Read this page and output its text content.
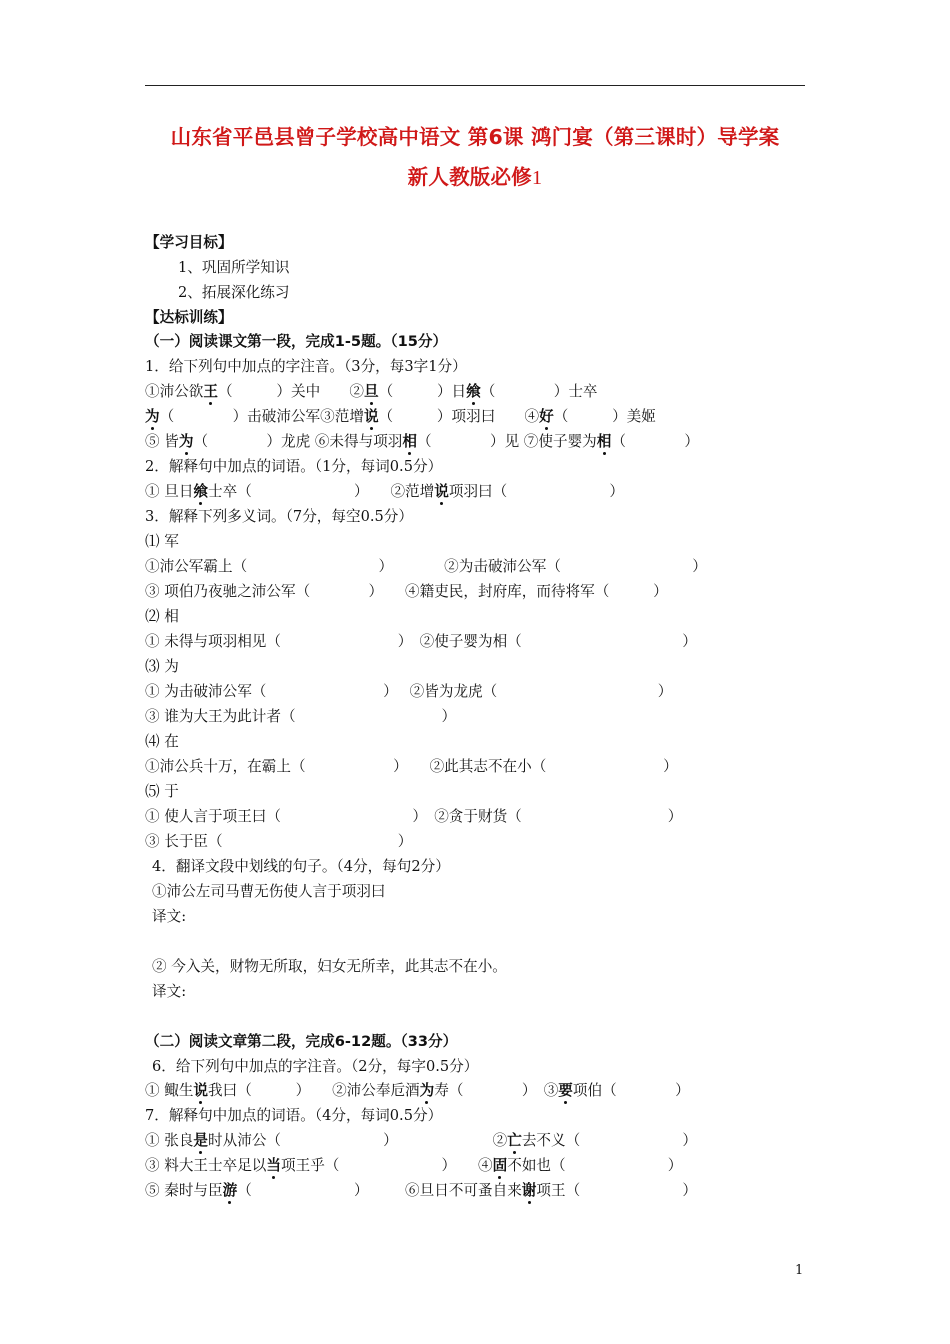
山东省平邑县曾子学校高中语文 第6课 鸿门宴（第三课时）导学案
新人教版必修1
【学习目标】
1、巩固所学知识
2、拓展深化练习
【达标训练】
（一）阅读课文第一段，完成1-5题。（15分）
1．给下列句中加点的字注音。（3分，每3字1分）
①沛公欲王（　　　）关中　　②旦（　　　）日飨（　　　　）士卒
为（　　　　）击破沛公军③范增说（　　　）项羽曰　　④好（　　　）美姬
⑤ 皆为（　　　　）龙虎 ⑥未得与项羽相（　　　　）见 ⑦使子婴为相（　　　　）
2．解释句中加点的词语。（1分，每词0.5分）
① 旦日飨士卒（　　　　　　　）　　②范增说项羽曰（　　　　　　　）
3．解释下列多义词。（7分，每空0.5分）
⑴ 军
①沛公军霸上（　　　　　　　　　）　　　　②为击破沛公军（　　　　　　　　　）
③ 项伯乃夜驰之沛公军（　　　　）　　④籍吏民，封府库，而待将军（　　　）
⑵ 相
① 未得与项羽相见（　　　　　　　　）　②使子婴为相（　　　　　　　　　　　）
⑶ 为
① 为击破沛公军（　　　　　　　　）　 ②皆为龙虎（　　　　　　　　　　　）
③ 谁为大王为此计者（　　　　　　　　　　）
⑷ 在
①沛公兵十万，在霸上（　　　　　　）　　②此其志不在小（　　　　　　　　）
⑸ 于
① 使人言于项王曰（　　　　　　　　　）　②贪于财货（　　　　　　　　　　）
③ 长于臣（　　　　　　　　　　　　）
4．翻译文段中划线的句子。（4分，每句2分）
①沛公左司马曹无伤使人言于项羽曰
译文:
② 今入关，财物无所取，妇女无所幸，此其志不在小。
译文:
（二）阅读文章第二段，完成6-12题。（33分）
6．给下列句中加点的字注音。（2分，每字0.5分）
① 鲰生说我曰（　　　）　　②沛公奉卮酒为寿（　　　　）　③要项伯（　　　　）
7．解释句中加点的词语。（4分，每词0.5分）
① 张良是时从沛公（　　　　　　　）　　　　　　　②亡去不义（　　　　　　　）
③ 料大王士卒足以当项王乎（　　　　　　　）　　④固不如也（　　　　　　　）
⑤ 秦时与臣游（　　　　　　　）　　　⑥旦日不可蚤自来谢项王（　　　　　　　）
1
